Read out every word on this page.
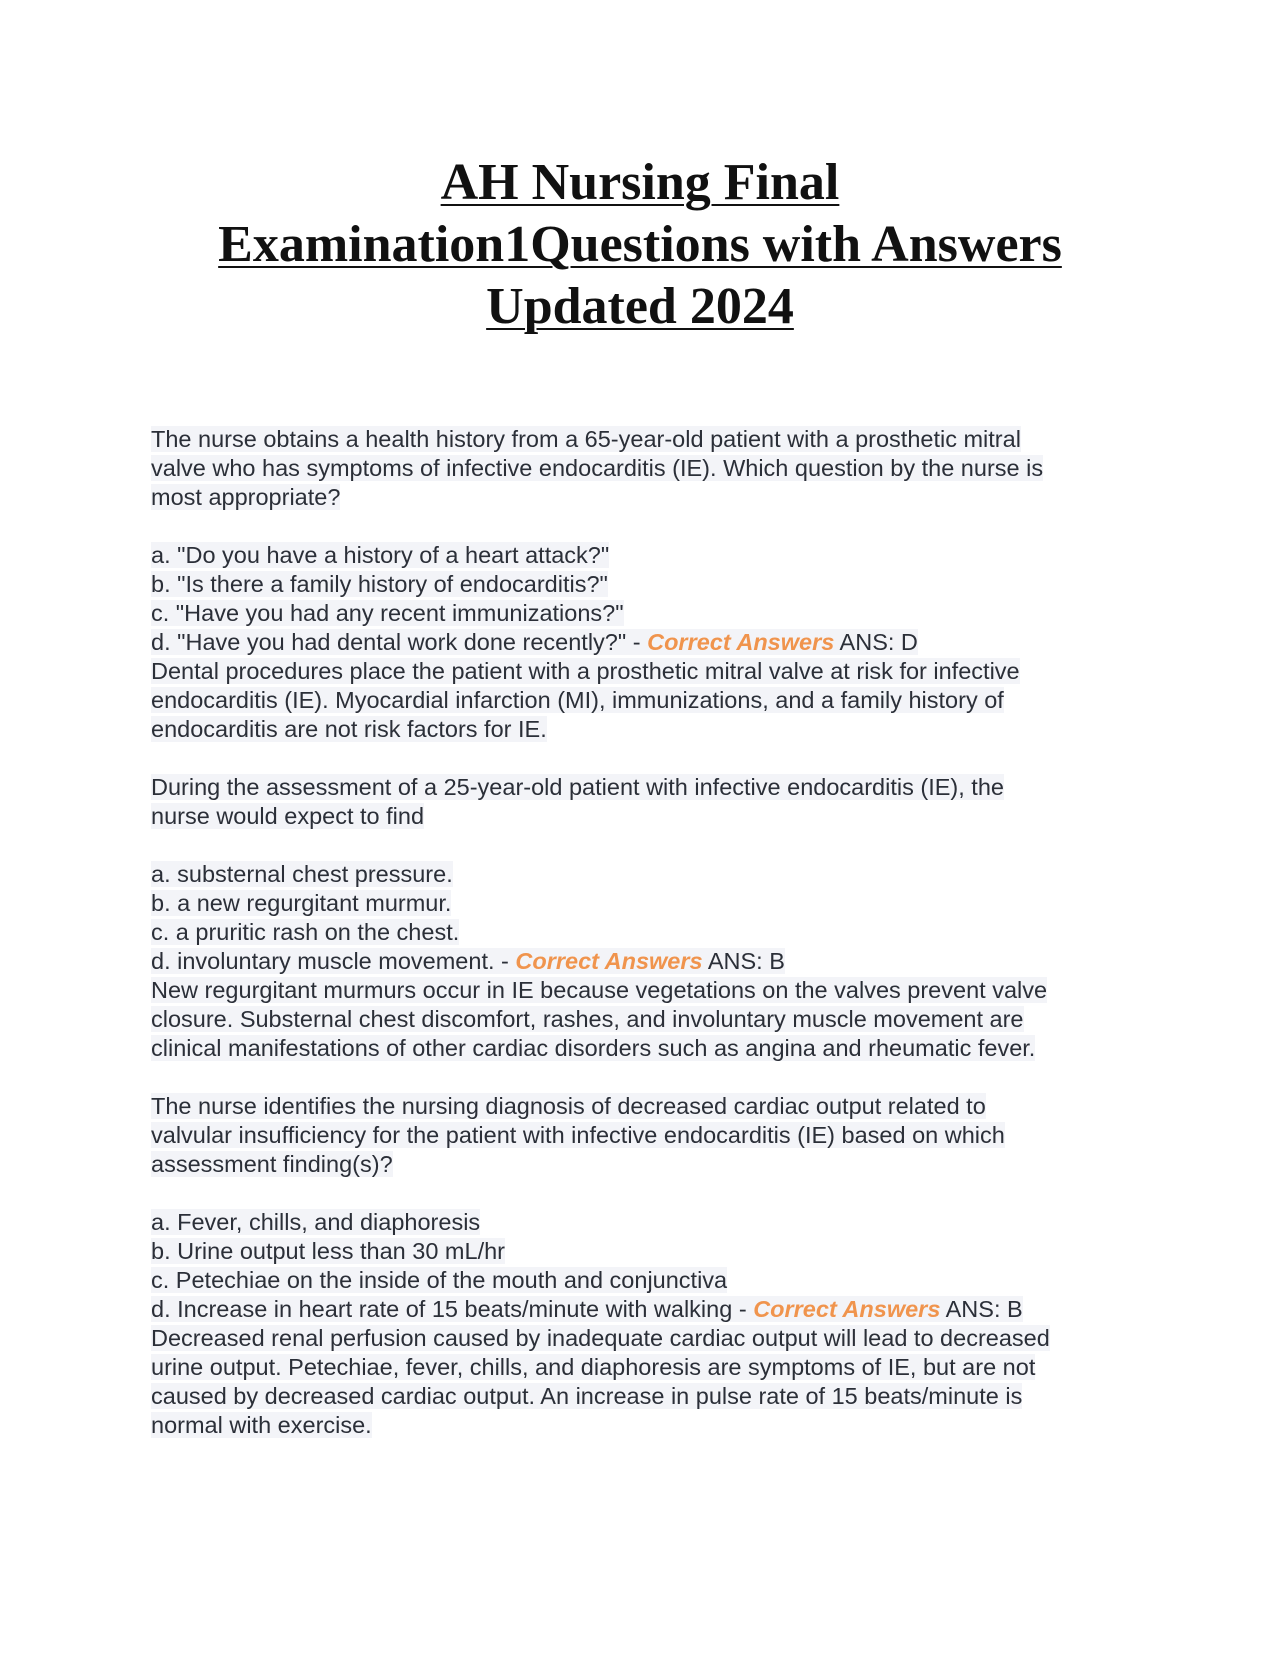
AH Nursing Final
Examination1Questions with Answers
Updated 2024
The nurse obtains a health history from a 65-year-old patient with a prosthetic mitral
valve who has symptoms of infective endocarditis (IE). Which question by the nurse is
most appropriate?
a. "Do you have a history of a heart attack?"
b. "Is there a family history of endocarditis?"
c. "Have you had any recent immunizations?"
d. "Have you had dental work done recently?" - Correct Answers ANS: D
Dental procedures place the patient with a prosthetic mitral valve at risk for infective
endocarditis (IE). Myocardial infarction (MI), immunizations, and a family history of
endocarditis are not risk factors for IE.
During the assessment of a 25-year-old patient with infective endocarditis (IE), the
nurse would expect to find
a. substernal chest pressure.
b. a new regurgitant murmur.
c. a pruritic rash on the chest.
d. involuntary muscle movement. - Correct Answers ANS: B
New regurgitant murmurs occur in IE because vegetations on the valves prevent valve
closure. Substernal chest discomfort, rashes, and involuntary muscle movement are
clinical manifestations of other cardiac disorders such as angina and rheumatic fever.
The nurse identifies the nursing diagnosis of decreased cardiac output related to
valvular insufficiency for the patient with infective endocarditis (IE) based on which
assessment finding(s)?
a. Fever, chills, and diaphoresis
b. Urine output less than 30 mL/hr
c. Petechiae on the inside of the mouth and conjunctiva
d. Increase in heart rate of 15 beats/minute with walking - Correct Answers ANS: B
Decreased renal perfusion caused by inadequate cardiac output will lead to decreased
urine output. Petechiae, fever, chills, and diaphoresis are symptoms of IE, but are not
caused by decreased cardiac output. An increase in pulse rate of 15 beats/minute is
normal with exercise.
